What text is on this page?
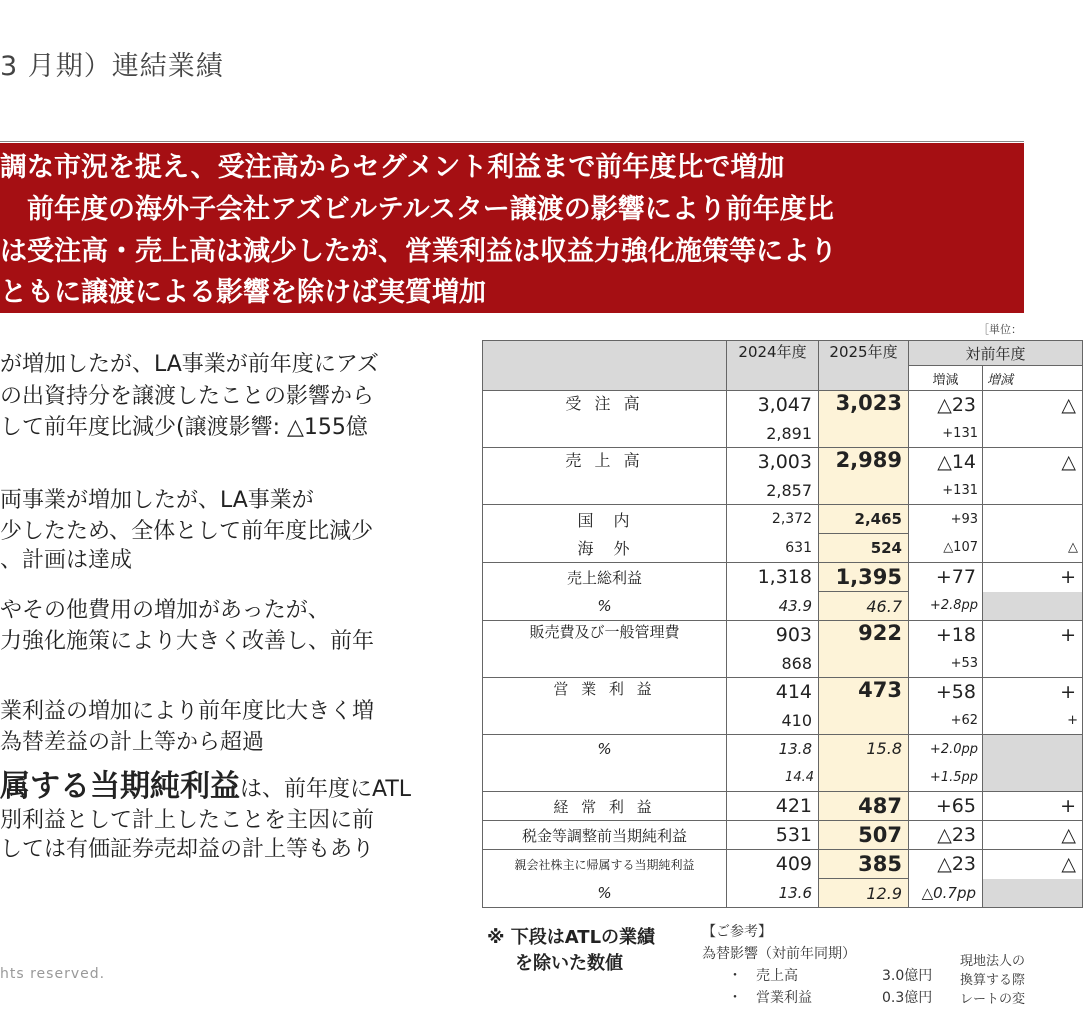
3 月期）連結業績
調な市況を捉え、受注高からセグメント利益まで前年度比で増加
　前年度の海外子会社アズビルテルスター譲渡の影響により前年度比
は受注高・売上高は減少したが、営業利益は収益力強化施策等により
ともに譲渡による影響を除けば実質増加
が増加したが、LA事業が前年度にアズ
の出資持分を譲渡したことの影響から
して前年度比減少(譲渡影響: △155億
両事業が増加したが、LA事業が
少したため、全体として前年度比減少
、計画は達成
やその他費用の増加があったが、
力強化施策により大きく改善し、前年
業利益の増加により前年度比大きく増
為替差益の計上等から超過
属する当期純利益は、前年度にATL
別利益として計上したことを主因に前
しては有価証券売却益の計上等もあり
hts reserved.
［単位：
	2024年度	2025年度	対前年度	
			増減	増減
受 注 高	3,047	3,023	△23	△
	2,891		+131	
売 上 高	3,003	2,989	△14	△
	2,857		+131	
国　内	2,372	2,465	+93	
海　外	631	524	△107	△
売上総利益	1,318	1,395	+77	+
%	43.9	46.7	+2.8pp	
販売費及び一般管理費	903	922	+18	+
	868		+53	
営 業 利 益	414	473	+58	+
	410		+62	+
%	13.8	15.8	+2.0pp	
	14.4		+1.5pp	
経 常 利 益	421	487	+65	+
税金等調整前当期純利益	531	507	△23	△
親会社株主に帰属する当期純利益	409	385	△23	△
%	13.6	12.9	△0.7pp	
※ 下段はATLの業績
を除いた数値
【ご参考】
為替影響（対前年同期）
・　売上高	3.0億円
・　営業利益	0.3億円
現地法人の
換算する際
レートの変
